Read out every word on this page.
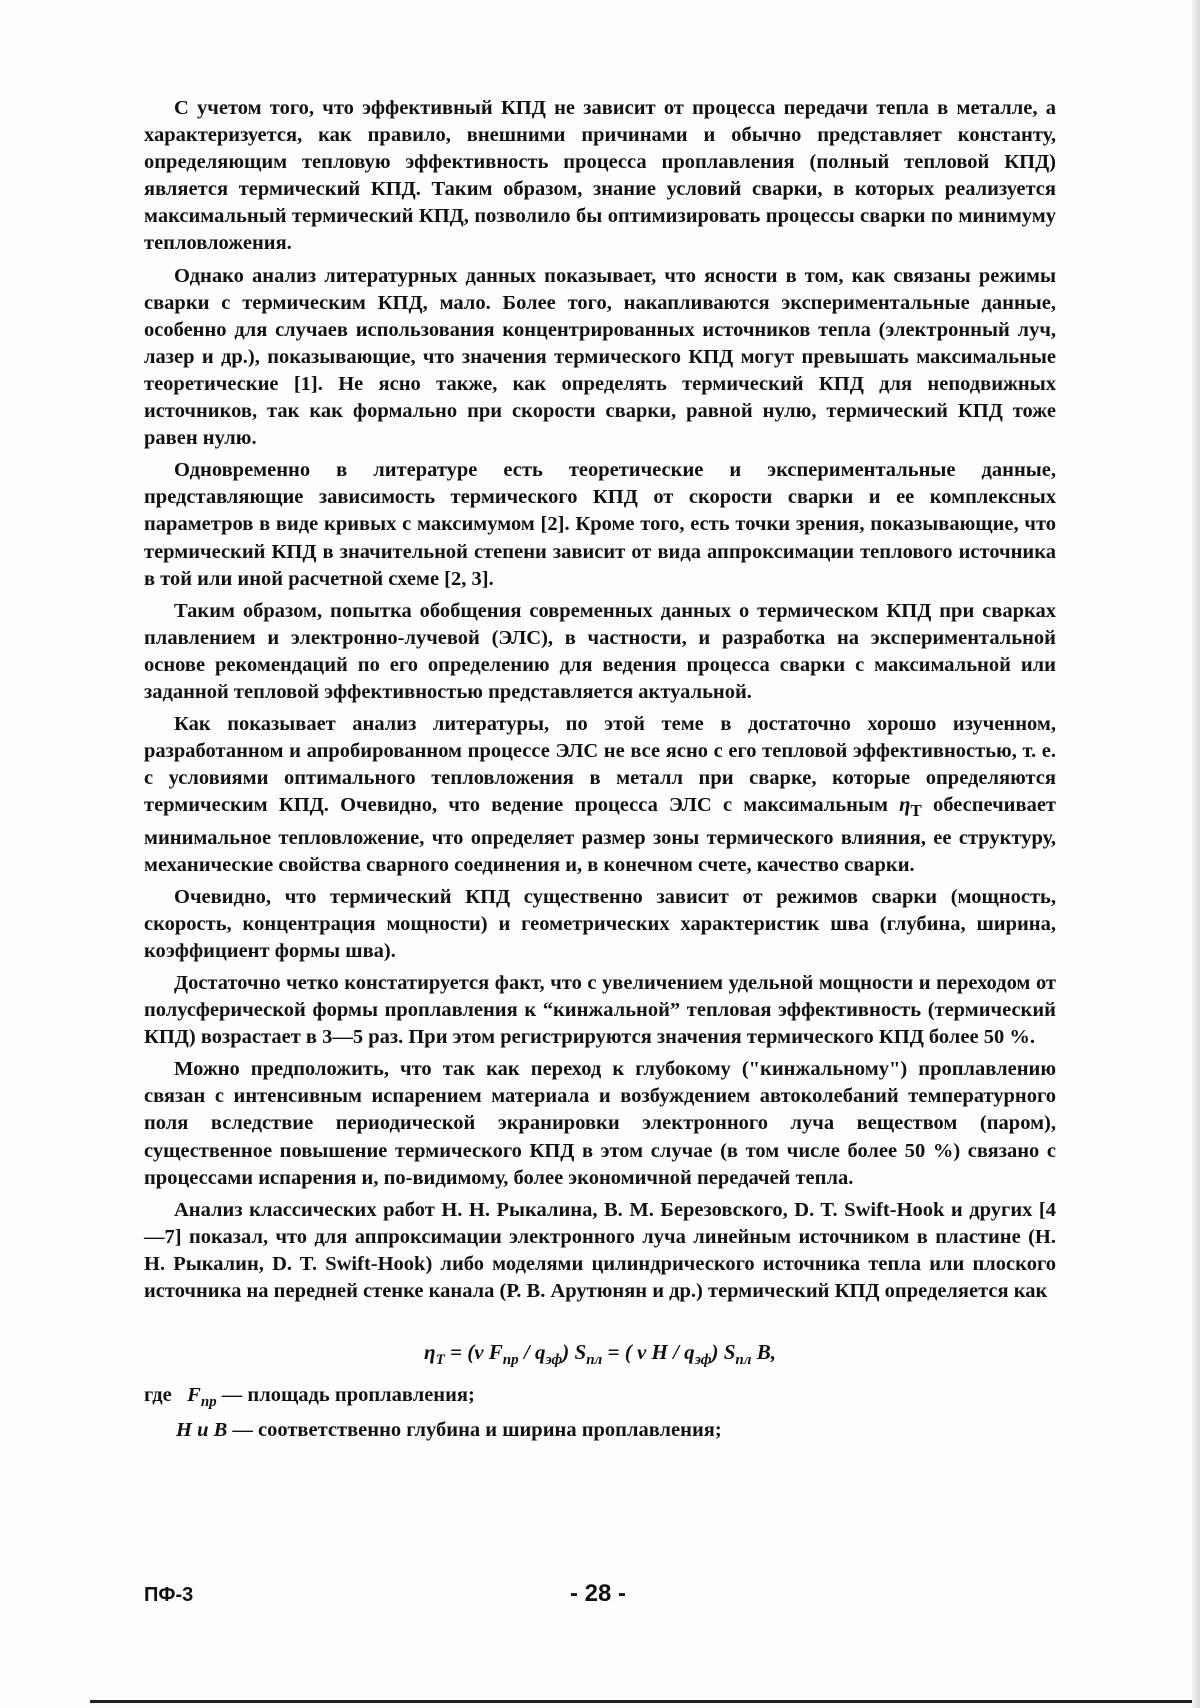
С учетом того, что эффективный КПД не зависит от процесса передачи тепла в металле, а характеризуется, как правило, внешними причинами и обычно представляет константу, определяющим тепловую эффективность процесса проплавления (полный тепловой КПД) является термический КПД. Таким образом, знание условий сварки, в которых реализуется максимальный термический КПД, позволило бы оптимизировать процессы сварки по минимуму тепловложения.

Однако анализ литературных данных показывает, что ясности в том, как связаны режимы сварки с термическим КПД, мало. Более того, накапливаются экспериментальные данные, особенно для случаев использования концентрированных источников тепла (электронный луч, лазер и др.), показывающие, что значения термического КПД могут превышать максимальные теоретические [1]. Не ясно также, как определять термический КПД для неподвижных источников, так как формально при скорости сварки, равной нулю, термический КПД тоже равен нулю.

Одновременно в литературе есть теоретические и экспериментальные данные, представляющие зависимость термического КПД от скорости сварки и ее комплексных параметров в виде кривых с максимумом [2]. Кроме того, есть точки зрения, показывающие, что термический КПД в значительной степени зависит от вида аппроксимации теплового источника в той или иной расчетной схеме [2, 3].

Таким образом, попытка обобщения современных данных о термическом КПД при сварках плавлением и электронно-лучевой (ЭЛС), в частности, и разработка на экспериментальной основе рекомендаций по его определению для ведения процесса сварки с максимальной или заданной тепловой эффективностью представляется актуальной.

Как показывает анализ литературы, по этой теме в достаточно хорошо изученном, разработанном и апробированном процессе ЭЛС не все ясно с его тепловой эффективностью, т. е. с условиями оптимального тепловложения в металл при сварке, которые определяются термическим КПД. Очевидно, что ведение процесса ЭЛС с максимальным $\eta_Т$ обеспечивает минимальное тепловложение, что определяет размер зоны термического влияния, ее структуру, механические свойства сварного соединения и, в конечном счете, качество сварки.

Очевидно, что термический КПД существенно зависит от режимов сварки (мощность, скорость, концентрация мощности) и геометрических характеристик шва (глубина, ширина, коэффициент формы шва).

Достаточно четко констатируется факт, что с увеличением удельной мощности и переходом от полусферической формы проплавления к “кинжальной” тепловая эффективность (термический КПД) возрастает в 3—5 раз. При этом регистрируются значения термического КПД более 50 %.

Можно предположить, что так как переход к глубокому ("кинжальному") проплавлению связан с интенсивным испарением материала и возбуждением автоколебаний температурного поля вследствие периодической экранировки электронного луча веществом (паром), существенное повышение термического КПД в этом случае (в том числе более 50 %) связано с процессами испарения и, по-видимому, более экономичной передачей тепла.

Анализ классических работ Н. Н. Рыкалина, В. М. Березовского, D. T. Swift-Hook и других [4—7] показал, что для аппроксимации электронного луча линейным источником в пластине (Н. Н. Рыкалин, D. T. Swift-Hook) либо моделями цилиндрического источника тепла или плоского источника на передней стенке канала (Р. В. Арутюнян и др.) термический КПД определяется как

$\eta_Т = (v$ $F_{пр} / q_{эф}$) $S_{пл}$ = ( v H / $q_{эф}$) $S_{пл}$ B,
где $F_{пр}$ — площадь проплавления;
H и B — соответственно глубина и ширина проплавления;
ПФ-3	- 28 -
